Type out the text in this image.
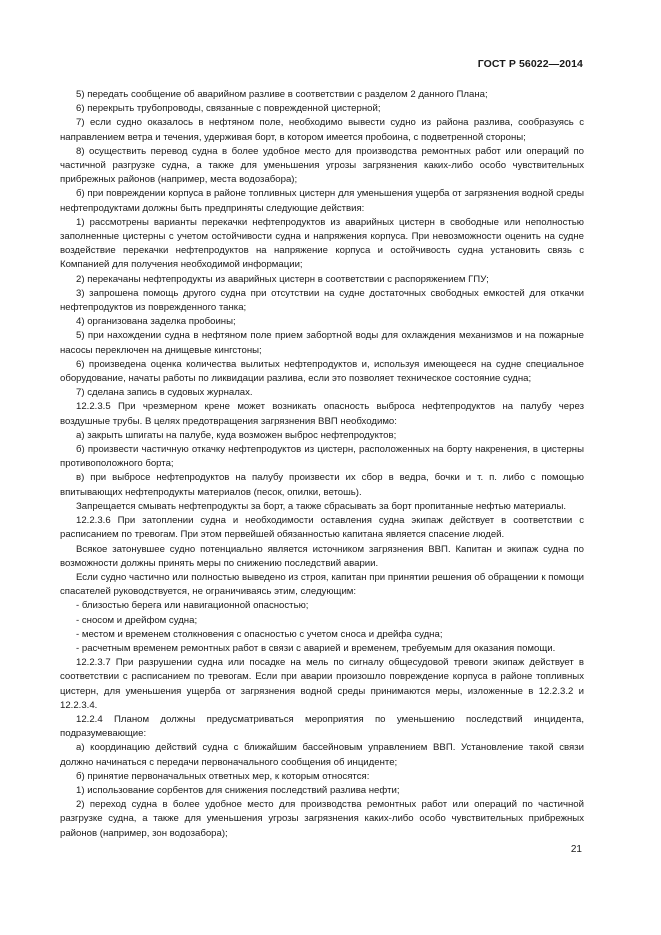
ГОСТ Р 56022—2014

5) передать сообщение об аварийном разливе в соответствии с разделом 2 данного Плана;

6) перекрыть трубопроводы, связанные с поврежденной цистерной;

7) если судно оказалось в нефтяном поле, необходимо вывести судно из района разлива, сообразуясь с направлением ветра и течения, удерживая борт, в котором имеется пробоина, с подветренной стороны;

8) осуществить перевод судна в более удобное место для производства ремонтных работ или операций по частичной разгрузке судна, а также для уменьшения угрозы загрязнения каких-либо особо чувствительных прибрежных районов (например, места водозабора);

б) при повреждении корпуса в районе топливных цистерн для уменьшения ущерба от загрязнения водной среды нефтепродуктами должны быть предприняты следующие действия:

1) рассмотрены варианты перекачки нефтепродуктов из аварийных цистерн в свободные или неполностью заполненные цистерны с учетом остойчивости судна и напряжения корпуса. При невозможности оценить на судне воздействие перекачки нефтепродуктов на напряжение корпуса и остойчивость судна установить связь с Компанией для получения необходимой информации;

2) перекачаны нефтепродукты из аварийных цистерн в соответствии с распоряжением ГПУ;

3) запрошена помощь другого судна при отсутствии на судне достаточных свободных емкостей для откачки нефтепродуктов из поврежденного танка;

4) организована заделка пробоины;

5) при нахождении судна в нефтяном поле прием забортной воды для охлаждения механизмов и на пожарные насосы переключен на днищевые кингстоны;

6) произведена оценка количества вылитых нефтепродуктов и, используя имеющееся на судне специальное оборудование, начаты работы по ликвидации разлива, если это позволяет техническое состояние судна;

7) сделана запись в судовых журналах.

12.2.3.5 При чрезмерном крене может возникать опасность выброса нефтепродуктов на палубу через воздушные трубы. В целях предотвращения загрязнения ВВП необходимо:

а) закрыть шпигаты на палубе, куда возможен выброс нефтепродуктов;

б) произвести частичную откачку нефтепродуктов из цистерн, расположенных на борту накренения, в цистерны противоположного борта;

в) при выбросе нефтепродуктов на палубу произвести их сбор в ведра, бочки и т. п. либо с помощью впитывающих нефтепродукты материалов (песок, опилки, ветошь).

Запрещается смывать нефтепродукты за борт, а также сбрасывать за борт пропитанные нефтью материалы.

12.2.3.6 При затоплении судна и необходимости оставления судна экипаж действует в соответствии с расписанием по тревогам. При этом первейшей обязанностью капитана является спасение людей.

Всякое затонувшее судно потенциально является источником загрязнения ВВП. Капитан и экипаж судна по возможности должны принять меры по снижению последствий аварии.

Если судно частично или полностью выведено из строя, капитан при принятии решения об обращении к помощи спасателей руководствуется, не ограничиваясь этим, следующим:

- близостью берега или навигационной опасностью;

- сносом и дрейфом судна;

- местом и временем столкновения с опасностью с учетом сноса и дрейфа судна;

- расчетным временем ремонтных работ в связи с аварией и временем, требуемым для оказания помощи.

12.2.3.7 При разрушении судна или посадке на мель по сигналу общесудовой тревоги экипаж действует в соответствии с расписанием по тревогам. Если при аварии произошло повреждение корпуса в районе топливных цистерн, для уменьшения ущерба от загрязнения водной среды принимаются меры, изложенные в 12.2.3.2 и 12.2.3.4.

12.2.4 Планом должны предусматриваться мероприятия по уменьшению последствий инцидента, подразумевающие:

а) координацию действий судна с ближайшим бассейновым управлением ВВП. Установление такой связи должно начинаться с передачи первоначального сообщения об инциденте;

б) принятие первоначальных ответных мер, к которым относятся:

1) использование сорбентов для снижения последствий разлива нефти;

2) переход судна в более удобное место для производства ремонтных работ или операций по частичной разгрузке судна, а также для уменьшения угрозы загрязнения каких-либо особо чувствительных прибрежных районов (например, зон водозабора);

21
